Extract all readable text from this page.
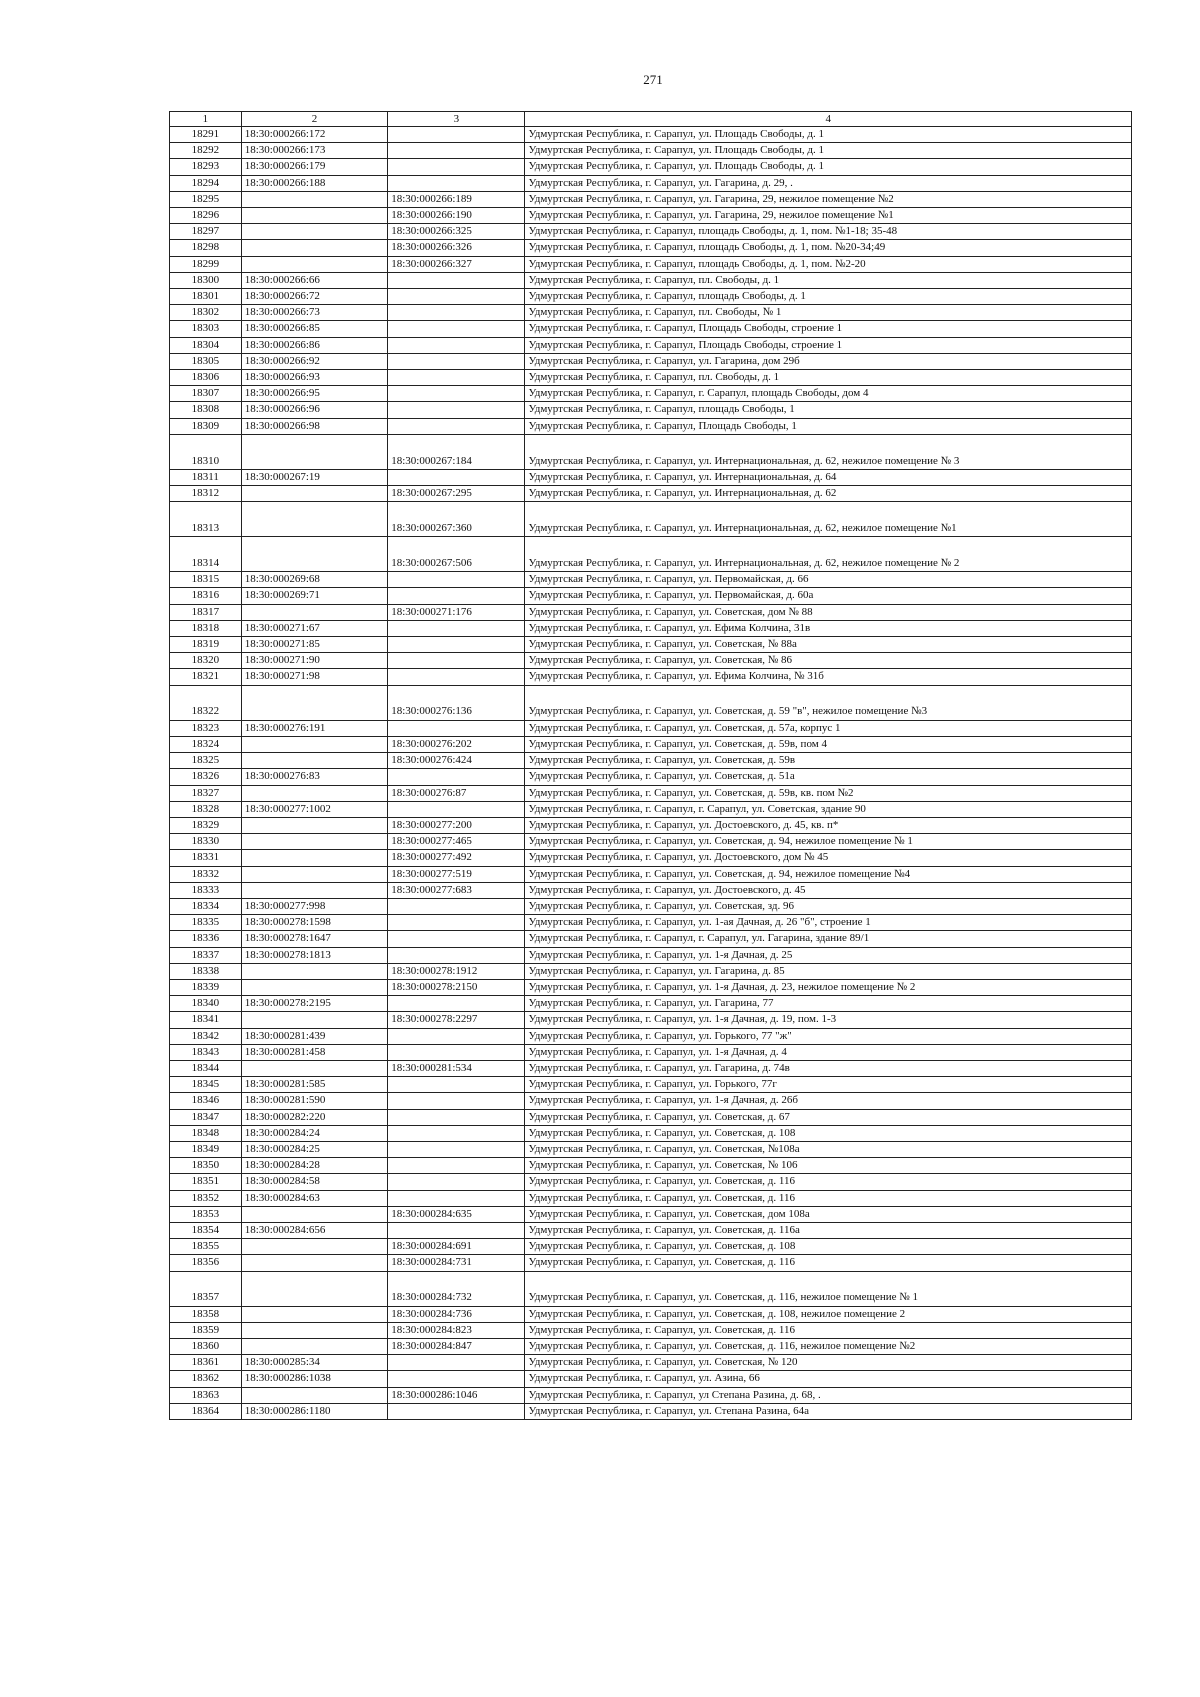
271
1	2	3	4
18291	18:30:000266:172		Удмуртская Республика, г. Сарапул, ул. Площадь Свободы, д. 1
18292	18:30:000266:173		Удмуртская Республика, г. Сарапул, ул. Площадь Свободы, д. 1
18293	18:30:000266:179		Удмуртская Республика, г. Сарапул, ул. Площадь Свободы, д. 1
18294	18:30:000266:188		Удмуртская Республика, г. Сарапул, ул. Гагарина, д. 29, .
18295		18:30:000266:189	Удмуртская Республика, г. Сарапул, ул. Гагарина, 29, нежилое помещение №2
18296		18:30:000266:190	Удмуртская Республика, г. Сарапул, ул. Гагарина, 29, нежилое помещение №1
18297		18:30:000266:325	Удмуртская Республика, г. Сарапул, площадь Свободы, д. 1, пом. №1-18; 35-48
18298		18:30:000266:326	Удмуртская Республика, г. Сарапул, площадь Свободы, д. 1, пом. №20-34;49
18299		18:30:000266:327	Удмуртская Республика, г. Сарапул, площадь Свободы, д. 1, пом. №2-20
18300	18:30:000266:66		Удмуртская Республика, г. Сарапул, пл. Свободы, д. 1
18301	18:30:000266:72		Удмуртская Республика, г. Сарапул, площадь Свободы, д. 1
18302	18:30:000266:73		Удмуртская Республика, г. Сарапул, пл. Свободы, № 1
18303	18:30:000266:85		Удмуртская Республика, г. Сарапул, Площадь Свободы, строение 1
18304	18:30:000266:86		Удмуртская Республика, г. Сарапул, Площадь Свободы, строение 1
18305	18:30:000266:92		Удмуртская Республика, г. Сарапул, ул. Гагарина, дом 29б
18306	18:30:000266:93		Удмуртская Республика, г. Сарапул, пл. Свободы, д. 1
18307	18:30:000266:95		Удмуртская Республика, г. Сарапул, г. Сарапул, площадь Свободы, дом 4
18308	18:30:000266:96		Удмуртская Республика, г. Сарапул, площадь Свободы, 1
18309	18:30:000266:98		Удмуртская Республика, г. Сарапул, Площадь Свободы, 1
18310		18:30:000267:184	Удмуртская Республика, г. Сарапул, ул. Интернациональная, д. 62, нежилое помещение № 3
18311	18:30:000267:19		Удмуртская Республика, г. Сарапул, ул. Интернациональная, д. 64
18312		18:30:000267:295	Удмуртская Республика, г. Сарапул, ул. Интернациональная, д. 62
18313		18:30:000267:360	Удмуртская Республика, г. Сарапул, ул. Интернациональная, д. 62, нежилое помещение №1
18314		18:30:000267:506	Удмуртская Республика, г. Сарапул, ул. Интернациональная, д. 62, нежилое помещение № 2
18315	18:30:000269:68		Удмуртская Республика, г. Сарапул, ул. Первомайская, д. 66
18316	18:30:000269:71		Удмуртская Республика, г. Сарапул, ул. Первомайская, д. 60а
18317		18:30:000271:176	Удмуртская Республика, г. Сарапул, ул. Советская, дом № 88
18318	18:30:000271:67		Удмуртская Республика, г. Сарапул, ул. Ефима Колчина, 31в
18319	18:30:000271:85		Удмуртская Республика, г. Сарапул, ул. Советская, № 88а
18320	18:30:000271:90		Удмуртская Республика, г. Сарапул, ул. Советская, № 86
18321	18:30:000271:98		Удмуртская Республика, г. Сарапул, ул. Ефима Колчина, № 31б
18322		18:30:000276:136	Удмуртская Республика, г. Сарапул, ул. Советская, д. 59 "в", нежилое помещение №3
18323	18:30:000276:191		Удмуртская Республика, г. Сарапул, ул. Советская, д. 57а, корпус 1
18324		18:30:000276:202	Удмуртская Республика, г. Сарапул, ул. Советская, д. 59в, пом 4
18325		18:30:000276:424	Удмуртская Республика, г. Сарапул, ул. Советская, д. 59в
18326	18:30:000276:83		Удмуртская Республика, г. Сарапул, ул. Советская, д. 51а
18327		18:30:000276:87	Удмуртская Республика, г. Сарапул, ул. Советская, д. 59в, кв. пом №2
18328	18:30:000277:1002		Удмуртская Республика, г. Сарапул, г. Сарапул, ул. Советская, здание 90
18329		18:30:000277:200	Удмуртская Республика, г. Сарапул, ул. Достоевского, д. 45, кв. п*
18330		18:30:000277:465	Удмуртская Республика, г. Сарапул, ул. Советская, д. 94, нежилое помещение № 1
18331		18:30:000277:492	Удмуртская Республика, г. Сарапул, ул. Достоевского, дом № 45
18332		18:30:000277:519	Удмуртская Республика, г. Сарапул, ул. Советская, д. 94, нежилое помещение №4
18333		18:30:000277:683	Удмуртская Республика, г. Сарапул, ул. Достоевского, д. 45
18334	18:30:000277:998		Удмуртская Республика, г. Сарапул, ул. Советская, зд. 96
18335	18:30:000278:1598		Удмуртская Республика, г. Сарапул, ул. 1-ая Дачная, д. 26 "б", строение 1
18336	18:30:000278:1647		Удмуртская Республика, г. Сарапул, г. Сарапул, ул. Гагарина, здание 89/1
18337	18:30:000278:1813		Удмуртская Республика, г. Сарапул, ул. 1-я Дачная, д. 25
18338		18:30:000278:1912	Удмуртская Республика, г. Сарапул, ул. Гагарина, д. 85
18339		18:30:000278:2150	Удмуртская Республика, г. Сарапул, ул. 1-я Дачная, д. 23, нежилое помещение № 2
18340	18:30:000278:2195		Удмуртская Республика, г. Сарапул, ул. Гагарина, 77
18341		18:30:000278:2297	Удмуртская Республика, г. Сарапул, ул. 1-я Дачная, д. 19, пом. 1-3
18342	18:30:000281:439		Удмуртская Республика, г. Сарапул, ул. Горького, 77 "ж"
18343	18:30:000281:458		Удмуртская Республика, г. Сарапул, ул. 1-я Дачная, д. 4
18344		18:30:000281:534	Удмуртская Республика, г. Сарапул, ул. Гагарина, д. 74в
18345	18:30:000281:585		Удмуртская Республика, г. Сарапул, ул. Горького, 77г
18346	18:30:000281:590		Удмуртская Республика, г. Сарапул, ул. 1-я Дачная, д. 26б
18347	18:30:000282:220		Удмуртская Республика, г. Сарапул, ул. Советская, д. 67
18348	18:30:000284:24		Удмуртская Республика, г. Сарапул, ул. Советская, д. 108
18349	18:30:000284:25		Удмуртская Республика, г. Сарапул, ул. Советская, №108а
18350	18:30:000284:28		Удмуртская Республика, г. Сарапул, ул. Советская, № 106
18351	18:30:000284:58		Удмуртская Республика, г. Сарапул, ул. Советская, д. 116
18352	18:30:000284:63		Удмуртская Республика, г. Сарапул, ул. Советская, д. 116
18353		18:30:000284:635	Удмуртская Республика, г. Сарапул, ул. Советская, дом 108а
18354	18:30:000284:656		Удмуртская Республика, г. Сарапул, ул. Советская, д. 116а
18355		18:30:000284:691	Удмуртская Республика, г. Сарапул, ул. Советская, д. 108
18356		18:30:000284:731	Удмуртская Республика, г. Сарапул, ул. Советская, д. 116
18357		18:30:000284:732	Удмуртская Республика, г. Сарапул, ул. Советская, д. 116, нежилое помещение № 1
18358		18:30:000284:736	Удмуртская Республика, г. Сарапул, ул. Советская, д. 108, нежилое помещение 2
18359		18:30:000284:823	Удмуртская Республика, г. Сарапул, ул. Советская, д. 116
18360		18:30:000284:847	Удмуртская Республика, г. Сарапул, ул. Советская, д. 116, нежилое помещение №2
18361	18:30:000285:34		Удмуртская Республика, г. Сарапул, ул. Советская, № 120
18362	18:30:000286:1038		Удмуртская Республика, г. Сарапул, ул. Азина, 66
18363		18:30:000286:1046	Удмуртская Республика, г. Сарапул, ул Степана Разина, д. 68, .
18364	18:30:000286:1180		Удмуртская Республика, г. Сарапул, ул. Степана Разина, 64а
